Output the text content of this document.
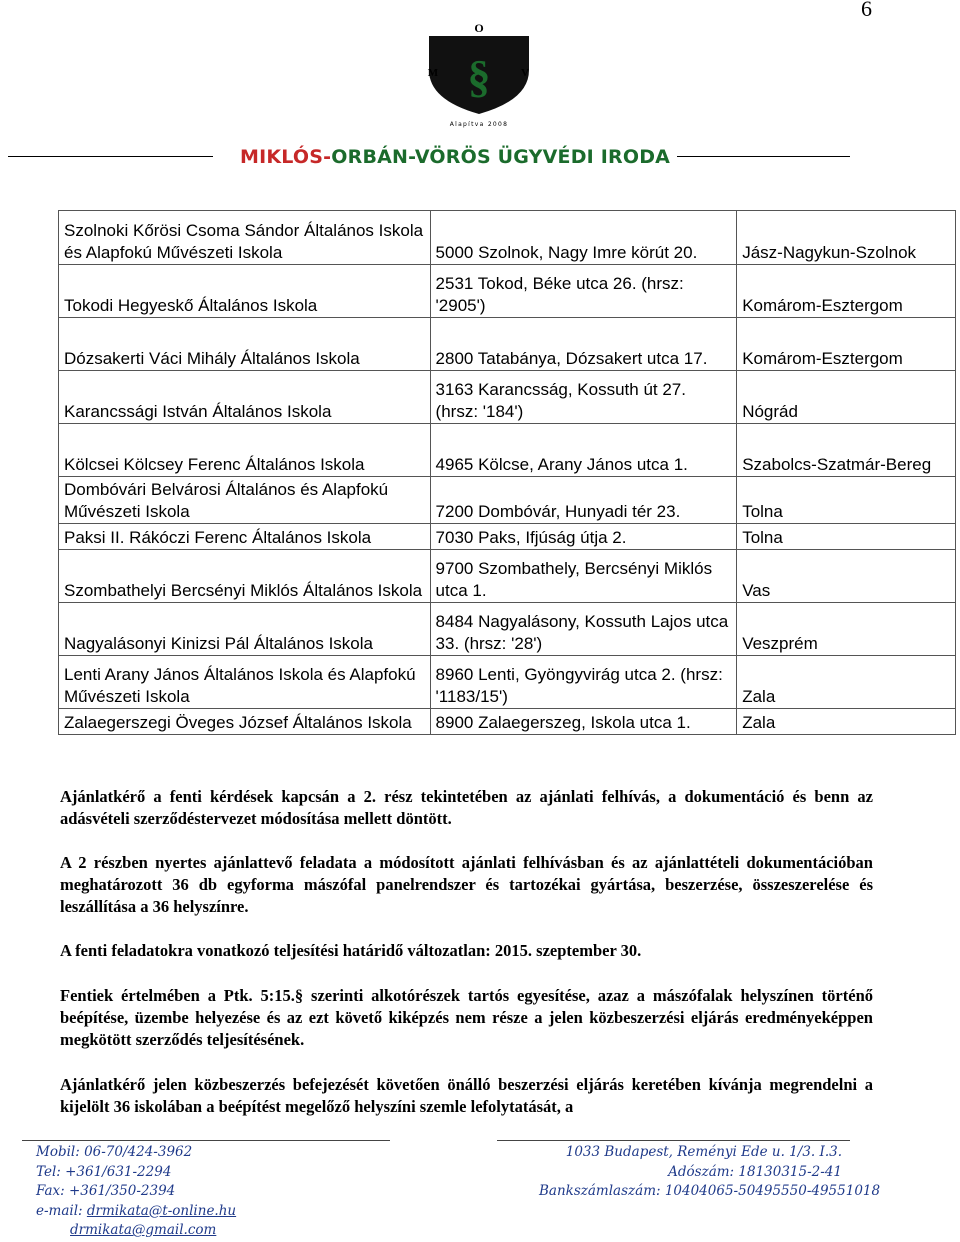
6
O
M	V
§
Alapítva 2008
MIKLÓS-ORBÁN-VÖRÖS ÜGYVÉDI IRODA
Szolnoki Kőrösi Csoma Sándor Általános Iskola és Alapfokú Művészeti Iskola	5000 Szolnok, Nagy Imre körút 20.	Jász-Nagykun-Szolnok
Tokodi Hegyeskő Általános Iskola	2531 Tokod, Béke utca 26. (hrsz: '2905')	Komárom-Esztergom
Dózsakerti Váci Mihály Általános Iskola	2800 Tatabánya, Dózsakert utca 17.	Komárom-Esztergom
Karancssági István Általános Iskola	3163 Karancsság, Kossuth út 27. (hrsz: '184')	Nógrád
Kölcsei Kölcsey Ferenc Általános Iskola	4965 Kölcse, Arany János utca 1.	Szabolcs-Szatmár-Bereg
Dombóvári Belvárosi Általános és Alapfokú Művészeti Iskola	7200 Dombóvár, Hunyadi tér 23.	Tolna
Paksi II. Rákóczi Ferenc Általános Iskola	7030 Paks, Ifjúság útja 2.	Tolna
Szombathelyi Bercsényi Miklós Általános Iskola	9700 Szombathely, Bercsényi Miklós utca 1.	Vas
Nagyalásonyi Kinizsi Pál Általános Iskola	8484 Nagyalásony, Kossuth Lajos utca 33. (hrsz: '28')	Veszprém
Lenti Arany János Általános Iskola és Alapfokú Művészeti Iskola	8960 Lenti, Gyöngyvirág utca 2. (hrsz: '1183/15')	Zala
Zalaegerszegi Öveges József Általános Iskola	8900 Zalaegerszeg, Iskola utca 1.	Zala
Ajánlatkérő a fenti kérdések kapcsán a 2. rész tekintetében az ajánlati felhívás, a dokumentáció és benn az adásvételi szerződéstervezet módosítása mellett döntött.
A 2 részben nyertes ajánlattevő feladata a módosított ajánlati felhívásban és az ajánlattételi dokumentációban meghatározott 36 db egyforma mászófal panelrendszer és tartozékai gyártása, beszerzése, összeszerelése és leszállítása a 36 helyszínre.
A fenti feladatokra vonatkozó teljesítési határidő változatlan: 2015. szeptember 30.
Fentiek értelmében a Ptk. 5:15.§ szerinti alkotórészek tartós egyesítése, azaz a mászófalak helyszínen történő beépítése, üzembe helyezése és az ezt követő kiképzés nem része a jelen közbeszerzési eljárás eredményeképpen megkötött szerződés teljesítésének.
Ajánlatkérő jelen közbeszerzés befejezését követően önálló beszerzési eljárás keretében kívánja megrendelni a kijelölt 36 iskolában a beépítést megelőző helyszíni szemle lefolytatását, a
Mobil: 06-70/424-3962
Tel: +361/631-2294
Fax: +361/350-2394
e-mail: drmikata@t-online.hu
drmikata@gmail.com
1033 Budapest, Reményi Ede u. 1/3. I.3.
Adószám: 18130315-2-41
Bankszámlaszám: 10404065-50495550-49551018
